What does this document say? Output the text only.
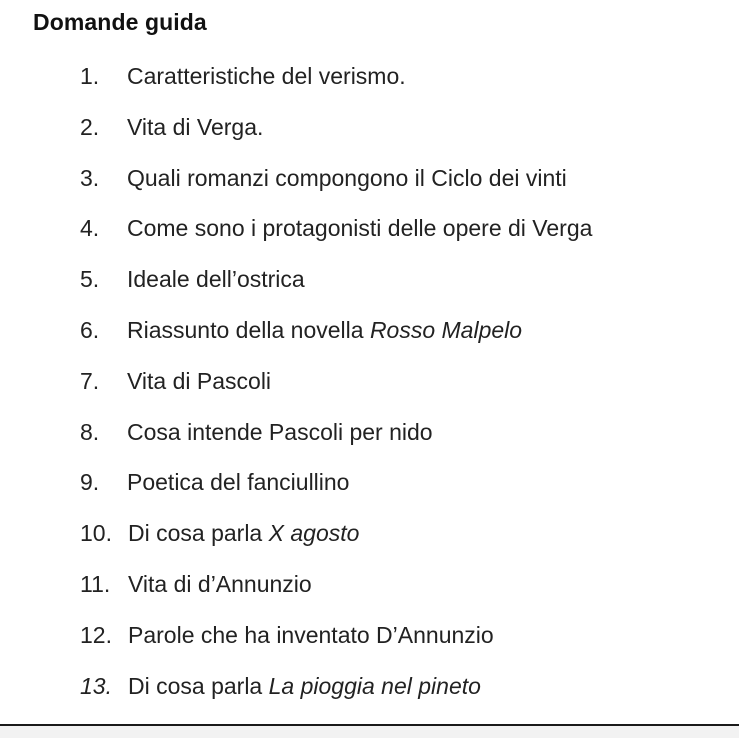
Domande guida
1.	Caratteristiche del verismo.
2.	Vita di Verga.
3.	Quali romanzi compongono il Ciclo dei vinti
4.	Come sono i protagonisti delle opere di Verga
5.	Ideale dell’ostrica
6.	Riassunto della novella Rosso Malpelo
7.	Vita di Pascoli
8.	Cosa intende Pascoli per nido
9.	Poetica del fanciullino
10. Di cosa parla X agosto
11. Vita di d’Annunzio
12. Parole che ha inventato D’Annunzio
13. Di cosa parla La pioggia nel pineto
